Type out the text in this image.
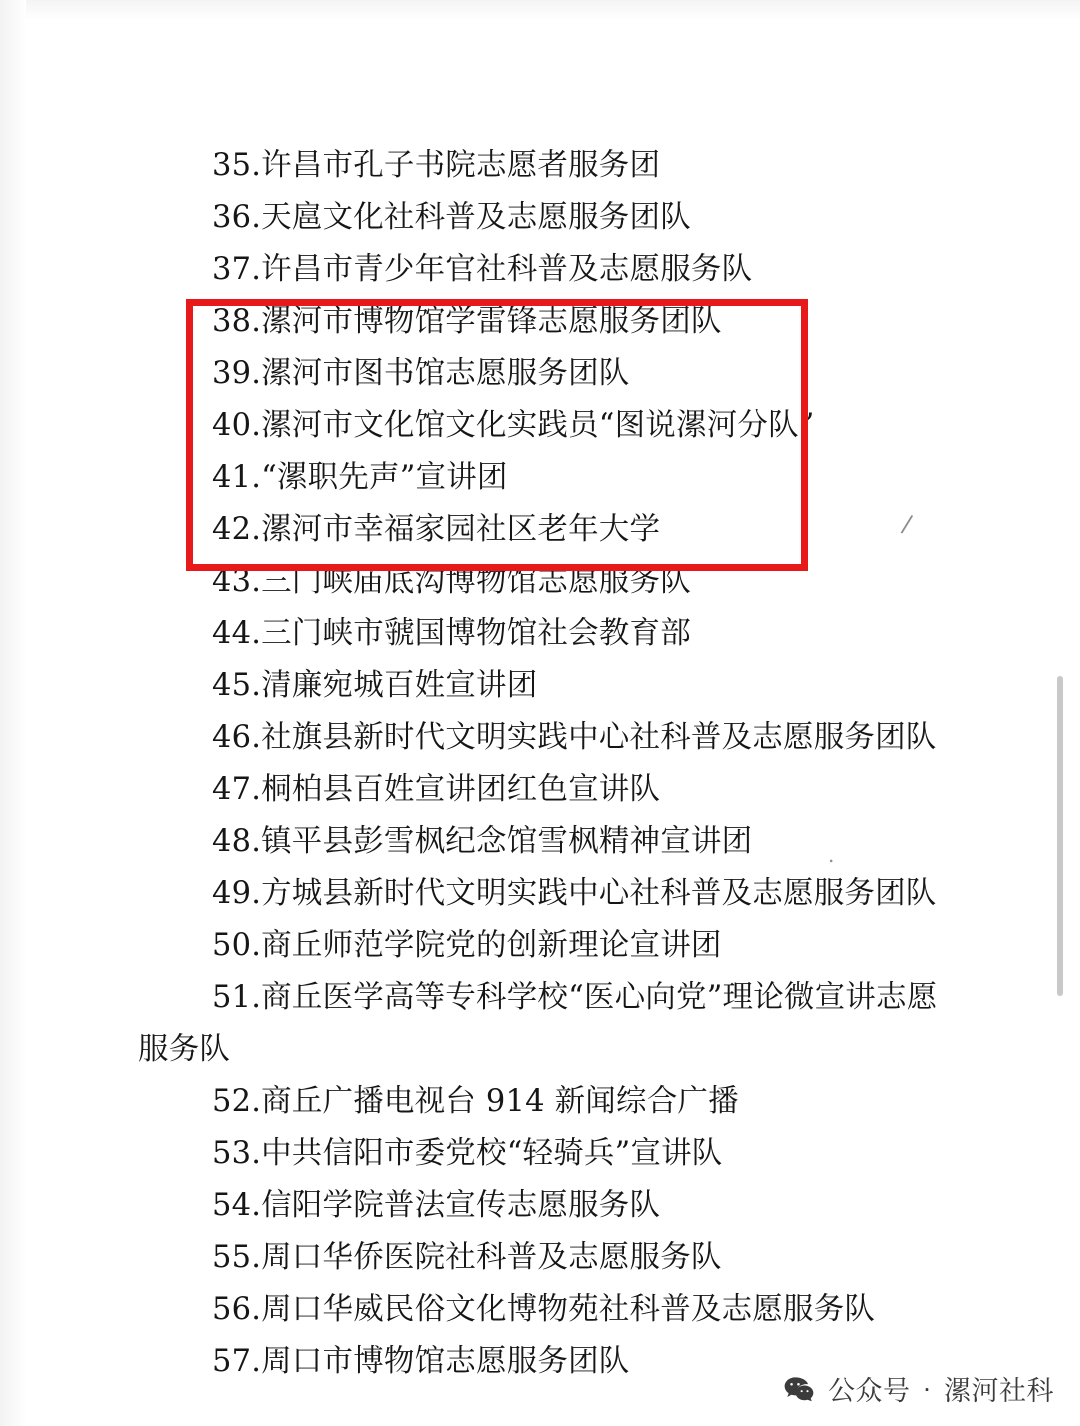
35.许昌市孔子书院志愿者服务团
36.天扈文化社科普及志愿服务团队
37.许昌市青少年官社科普及志愿服务队
38.漯河市博物馆学雷锋志愿服务团队
39.漯河市图书馆志愿服务团队
40.漯河市文化馆文化实践员“图说漯河分队”
41.“漯职先声”宣讲团
42.漯河市幸福家园社区老年大学
43.三门峡庙底沟博物馆志愿服务队
44.三门峡市虢国博物馆社会教育部
45.清廉宛城百姓宣讲团
46.社旗县新时代文明实践中心社科普及志愿服务团队
47.桐柏县百姓宣讲团红色宣讲队
48.镇平县彭雪枫纪念馆雪枫精神宣讲团
49.方城县新时代文明实践中心社科普及志愿服务团队
50.商丘师范学院党的创新理论宣讲团
51.商丘医学高等专科学校“医心向党”理论微宣讲志愿
服务队
52.商丘广播电视台 914 新闻综合广播
53.中共信阳市委党校“轻骑兵”宣讲队
54.信阳学院普法宣传志愿服务队
55.周口华侨医院社科普及志愿服务队
56.周口华威民俗文化博物苑社科普及志愿服务队
57.周口市博物馆志愿服务团队
/
.
公众号 · 漯河社科
